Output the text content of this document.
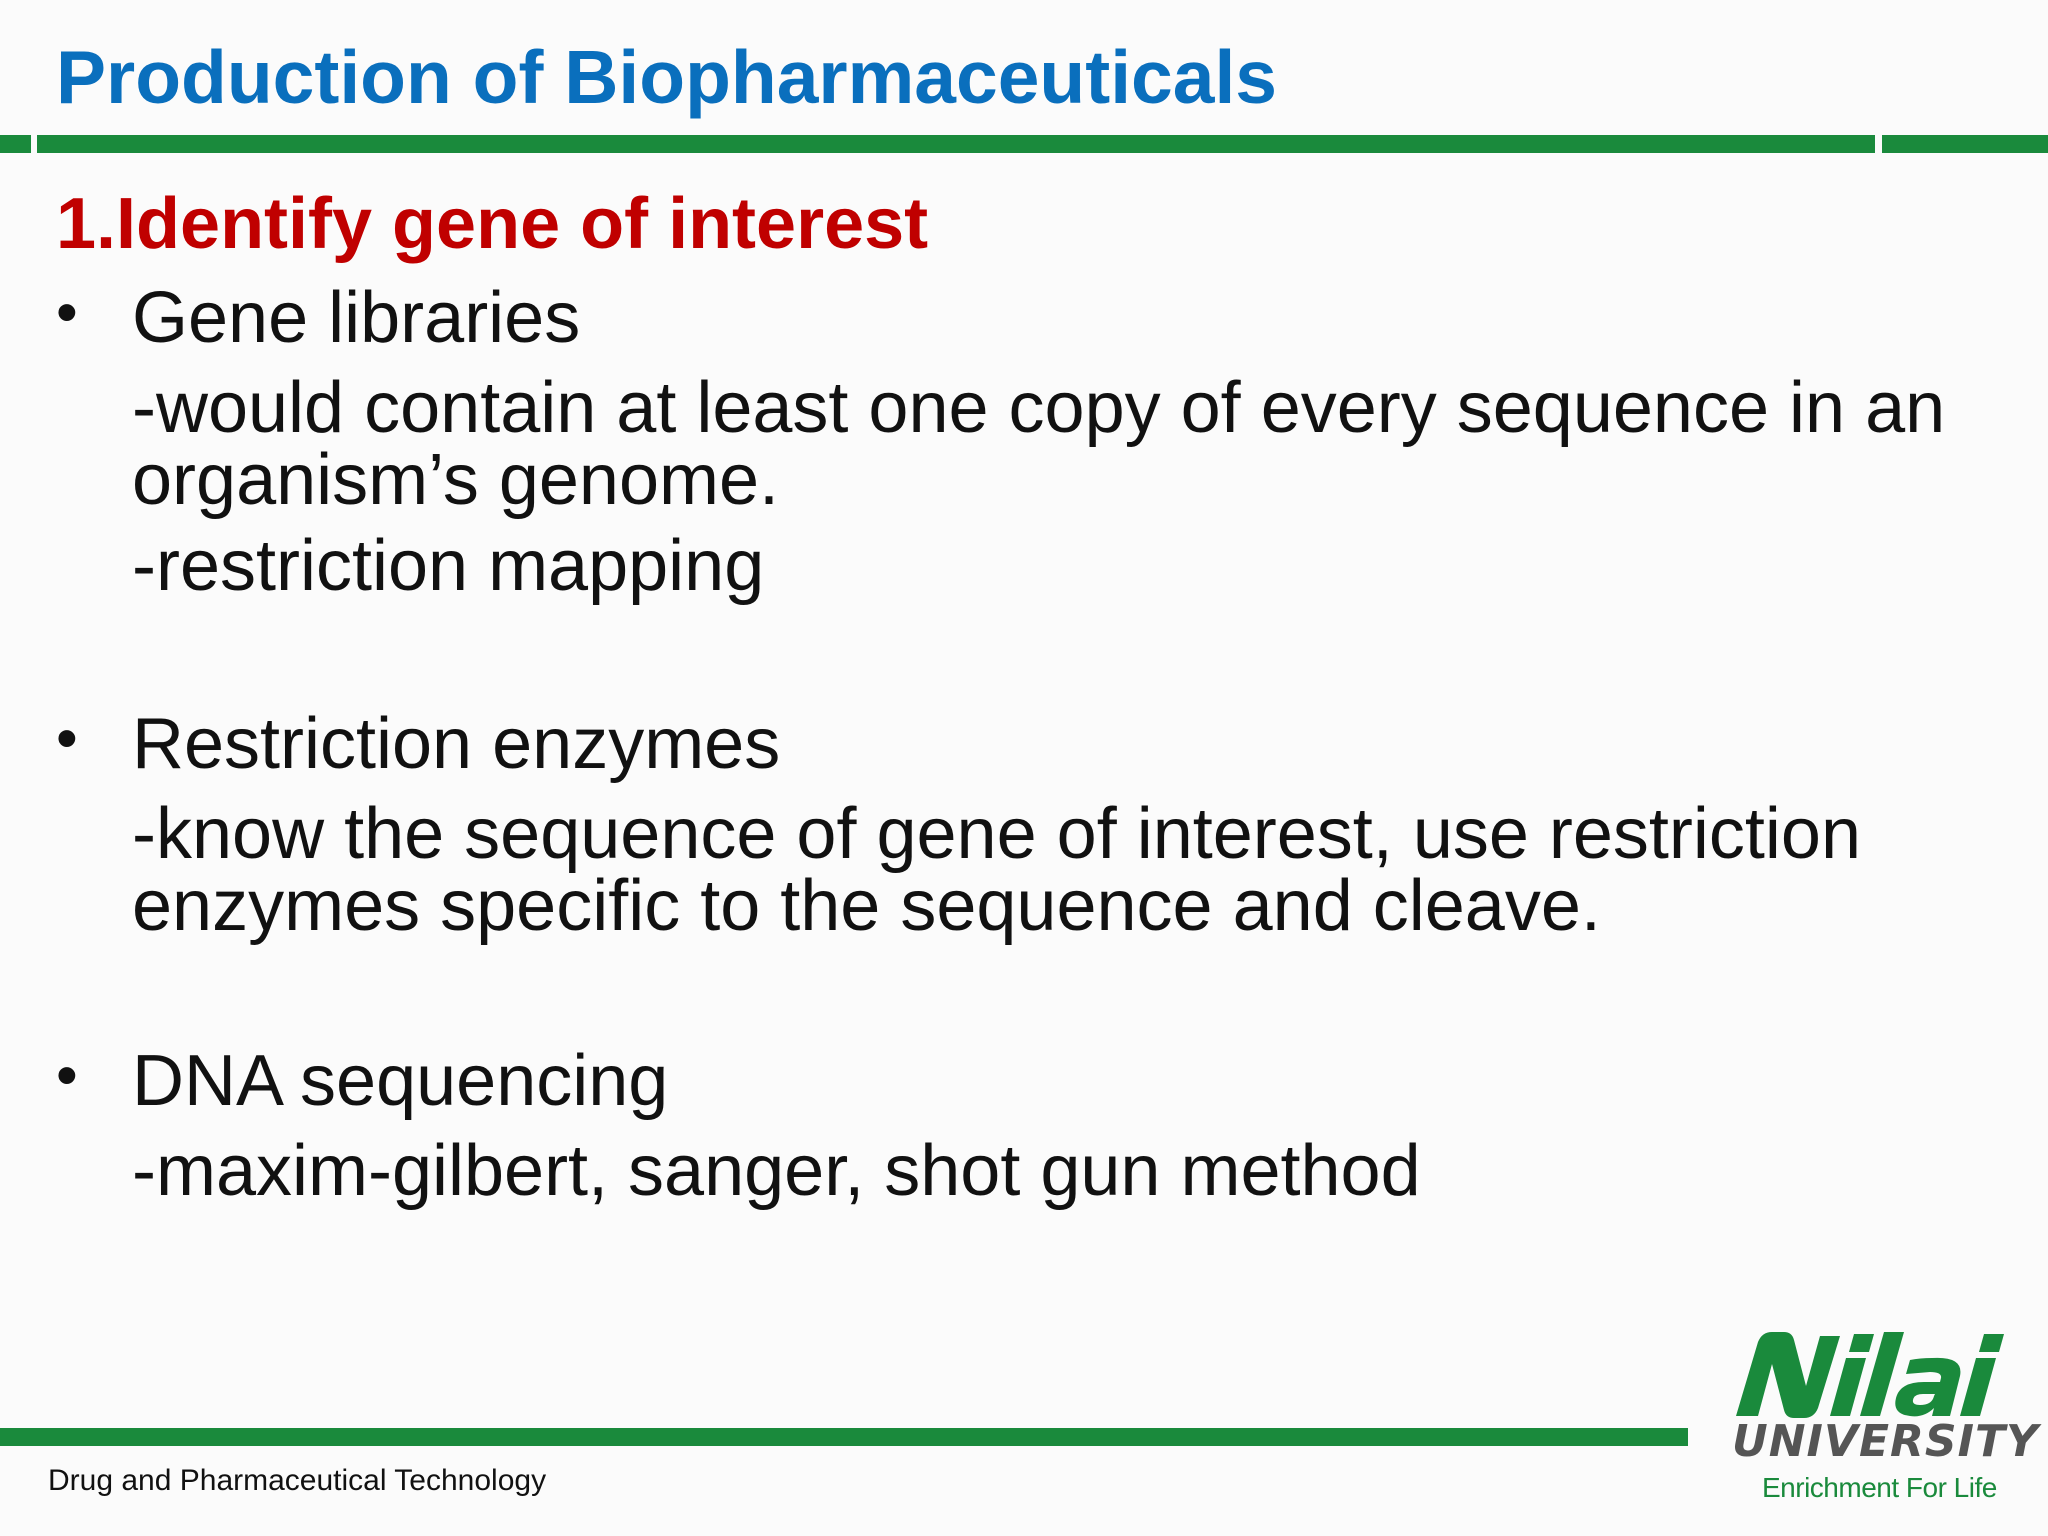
Production of Biopharmaceuticals
1.Identify gene of interest
• Gene libraries
-would contain at least one copy of every sequence in an organism’s genome.
-restriction mapping
• Restriction enzymes
-know the sequence of gene of interest, use restriction enzymes specific to the sequence and cleave.
• DNA sequencing
-maxim-gilbert, sanger, shot gun method
Drug and Pharmaceutical Technology
UNIVERSITY
Enrichment For Life
